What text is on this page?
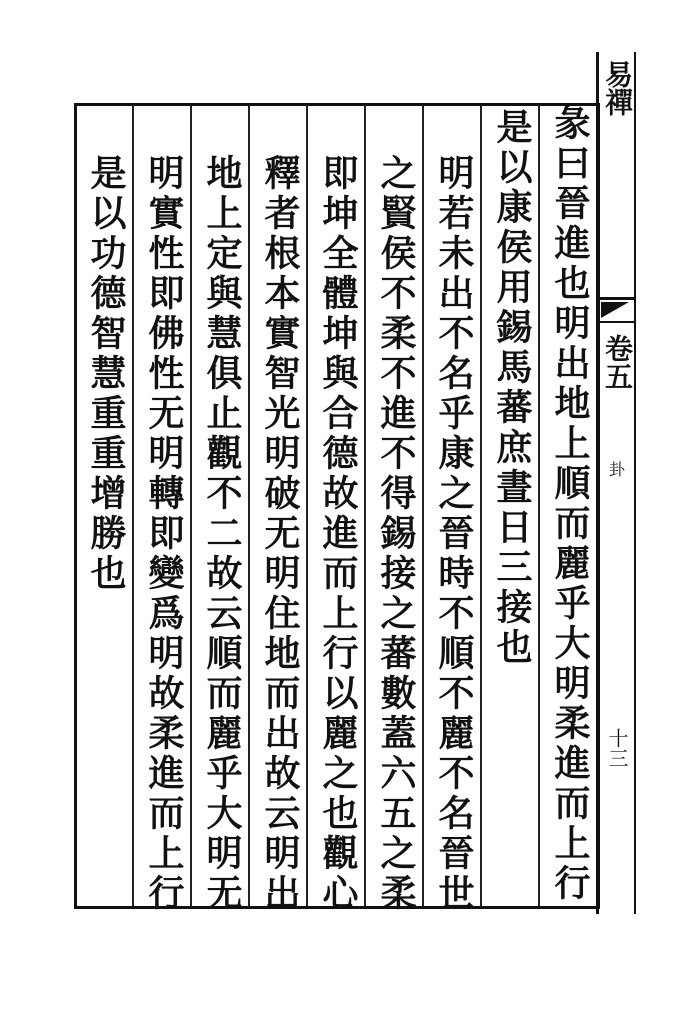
易禪
卷五
卦
十三
彖曰晉進也明出地上順而麗乎大明柔進而上行
是以康侯用錫馬蕃庶晝日三接也
明若未出不名乎康之晉時不順不麗不名晉世
之賢侯不柔不進不得錫接之蕃數蓋六五之柔
即坤全體坤與合德故進而上行以麗之也觀心
釋者根本實智光明破无明住地而出故云明出
地上定與慧俱止觀不二故云順而麗乎大明无
明實性即佛性无明轉即變爲明故柔進而上行
是以功德智慧重重增勝也
